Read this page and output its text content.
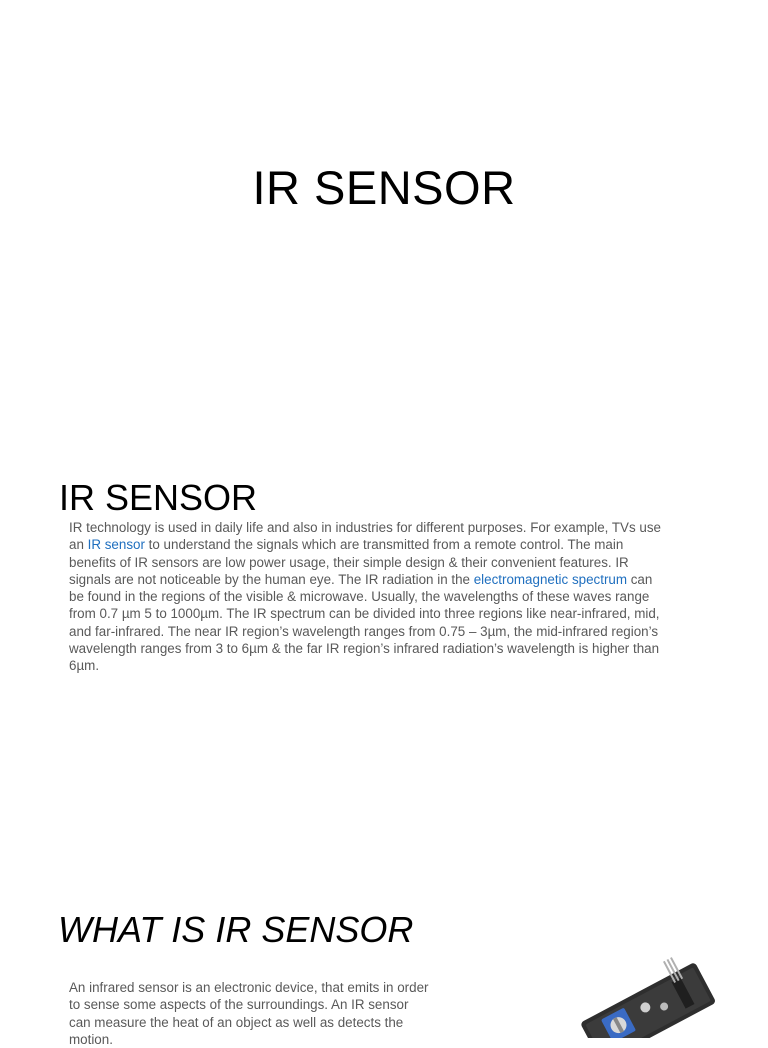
IR SENSOR
IR SENSOR
IR technology is used in daily life and also in industries for different purposes. For example, TVs use an IR sensor to understand the signals which are transmitted from a remote control. The main benefits of IR sensors are low power usage, their simple design & their convenient features. IR signals are not noticeable by the human eye. The IR radiation in the electromagnetic spectrum can be found in the regions of the visible & microwave. Usually, the wavelengths of these waves range from 0.7 µm 5 to 1000µm. The IR spectrum can be divided into three regions like near-infrared, mid, and far-infrared. The near IR region’s wavelength ranges from 0.75 – 3µm, the mid-infrared region’s wavelength ranges from 3 to 6µm & the far IR region’s infrared radiation’s wavelength is higher than 6µm.
WHAT IS IR SENSOR
An infrared sensor is an electronic device, that emits in order to sense some aspects of the surroundings. An IR sensor can measure the heat of an object as well as detects the motion.
